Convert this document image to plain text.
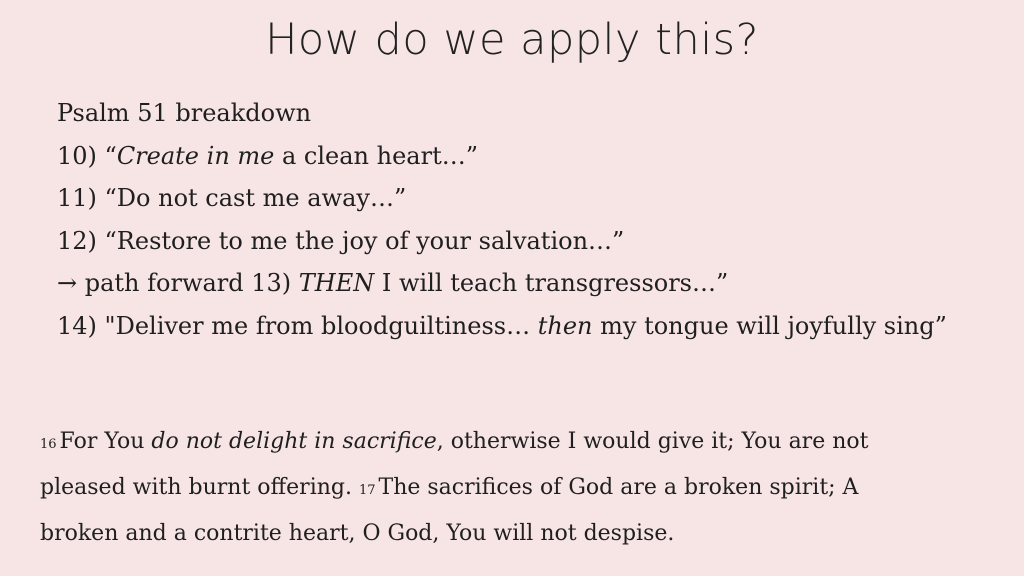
How do we apply this?
Psalm 51 breakdown
10) “Create in me a clean heart…”
11) “Do not cast me away…”
12) “Restore to me the joy of your salvation…”
→ path forward 13) THEN I will teach transgressors…”
14) "Deliver me from bloodguiltiness… then my tongue will joyfully sing”
16 For You do not delight in sacrifice, otherwise I would give it; You are not pleased with burnt offering. 17 The sacrifices of God are a broken spirit; A broken and a contrite heart, O God, You will not despise.
